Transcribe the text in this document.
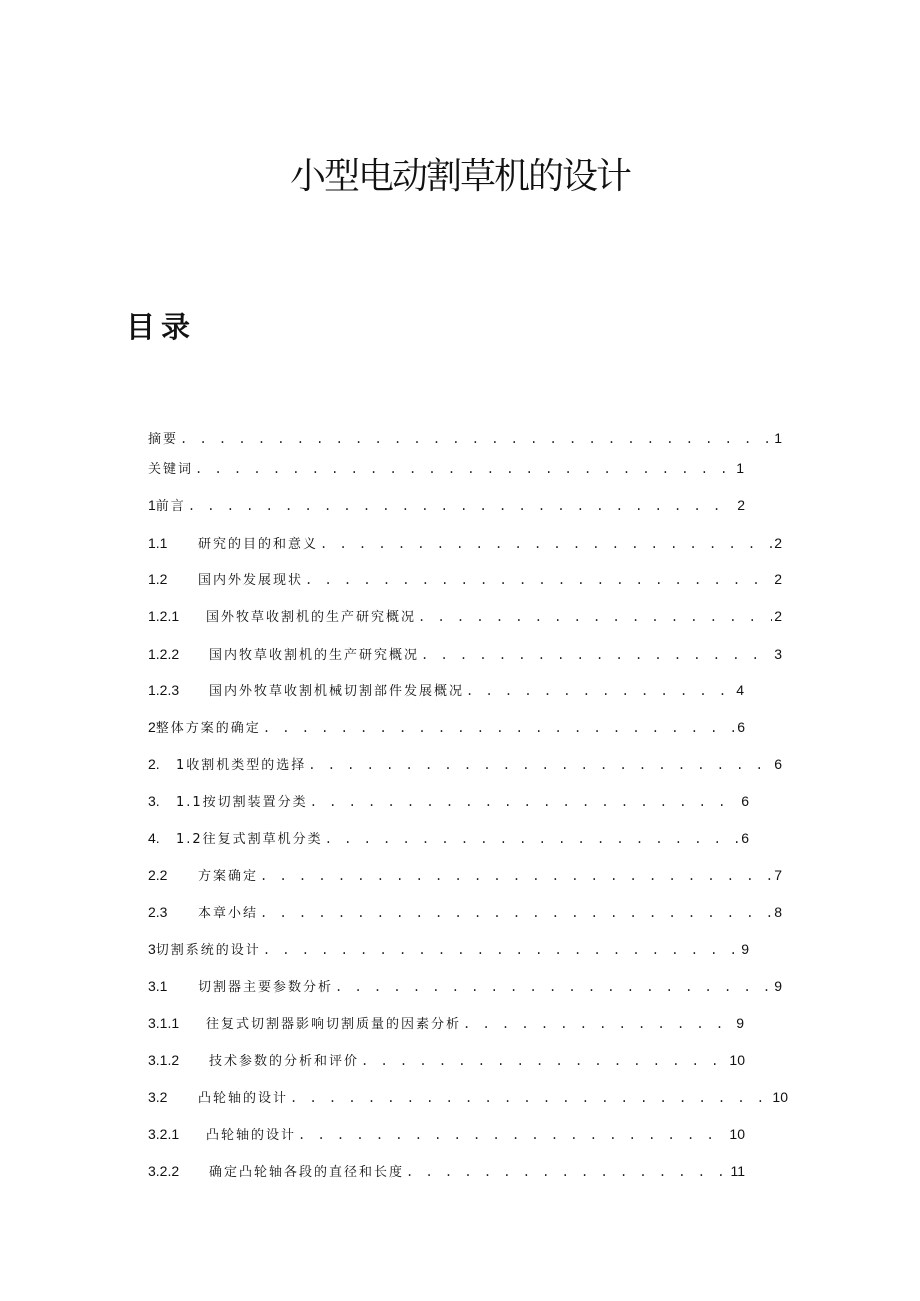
小型电动割草机的设计
目录
摘要 . . .	1
关键词 . . .	1
1 前言 . . .	2
1.1	研究的目的和意义 . . .	2
1.2	国内外发展现状 . . .	2
1.2.1	国外牧草收割机的生产研究概况 . . .	2
1.2.2	国内牧草收割机的生产研究概况 . . .	3
1.2.3	国内外牧草收割机械切割部件发展概况 . . .	4
2 整体方案的确定 . . .	6
2.	1收割机类型的选择 . . .	6
3.	1.1按切割装置分类 . . .	6
4.	1.2往复式割草机分类 . . .	6
2.2	方案确定 . . .	7
2.3	本章小结 . . .	8
3 切割系统的设计 . . .	9
3.1	切割器主要参数分析 . . .	9
3.1.1	往复式切割器影响切割质量的因素分析 . . .	9
3.1.2	技术参数的分析和评价 . . .	10
3.2	凸轮轴的设计 . . .	10
3.2.1	凸轮轴的设计 . . .	10
3.2.2	确定凸轮轴各段的直径和长度 . . .	11
